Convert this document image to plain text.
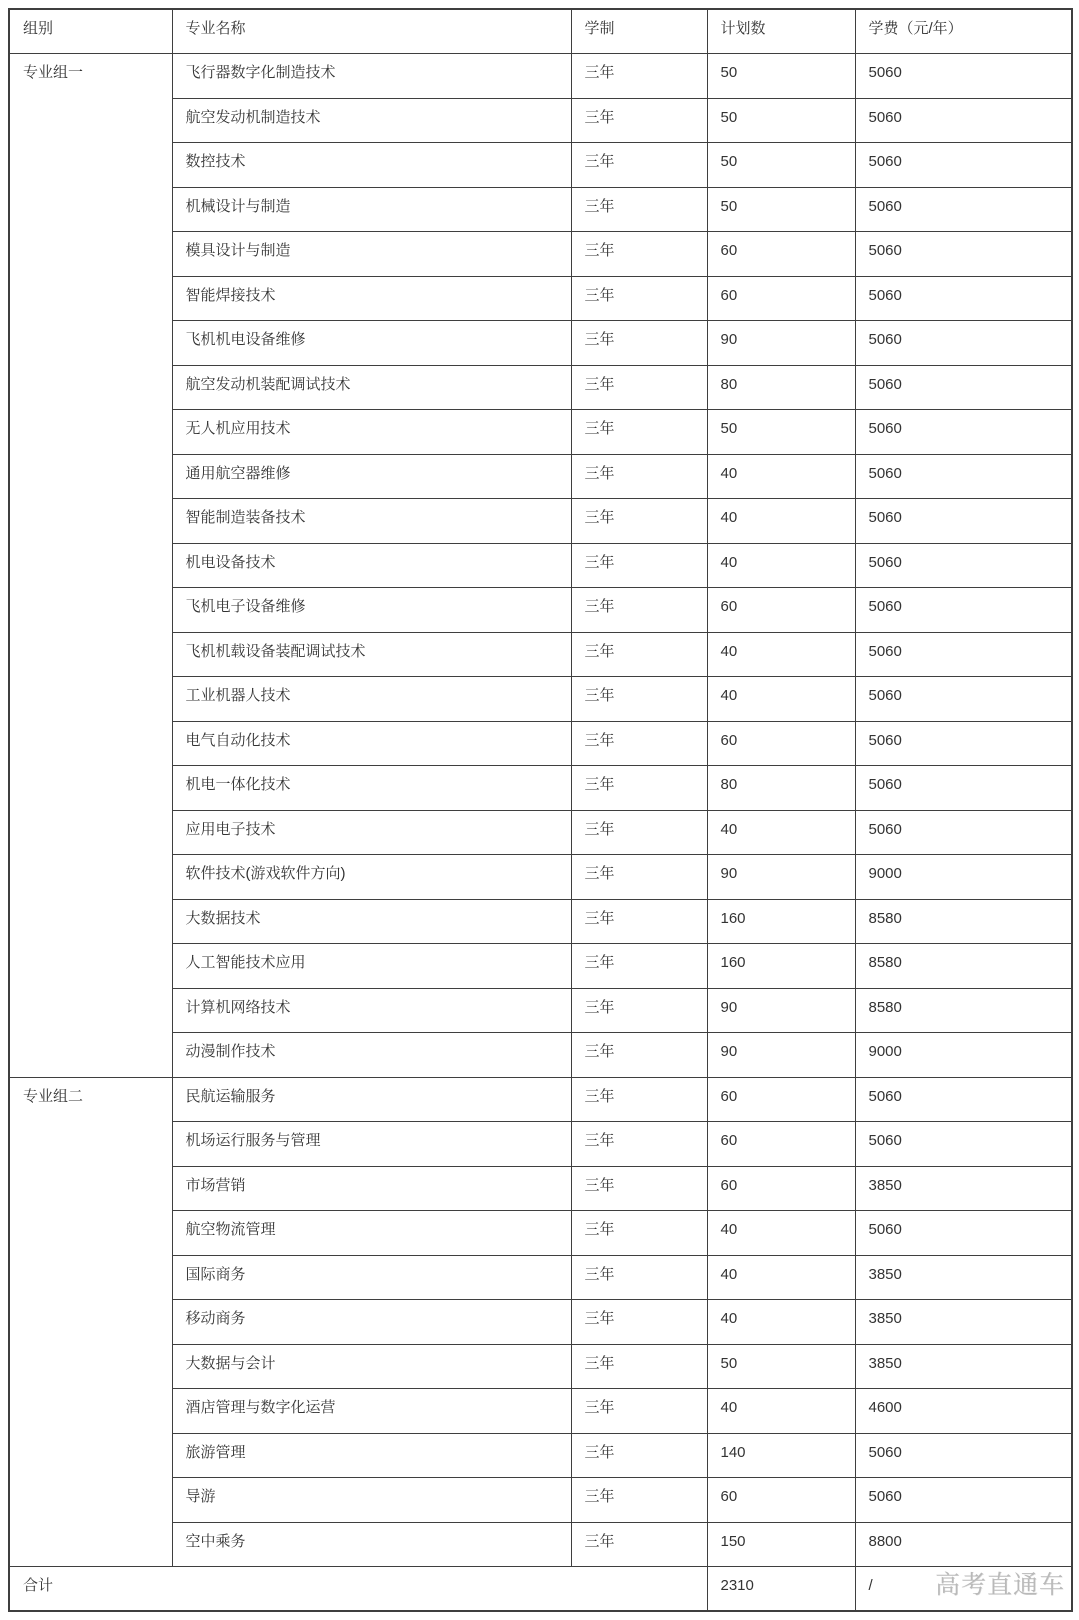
组别	专业名称	学制	计划数	学费（元/年）
专业组一	飞行器数字化制造技术	三年	50	5060
	航空发动机制造技术	三年	50	5060
	数控技术	三年	50	5060
	机械设计与制造	三年	50	5060
	模具设计与制造	三年	60	5060
	智能焊接技术	三年	60	5060
	飞机机电设备维修	三年	90	5060
	航空发动机装配调试技术	三年	80	5060
	无人机应用技术	三年	50	5060
	通用航空器维修	三年	40	5060
	智能制造装备技术	三年	40	5060
	机电设备技术	三年	40	5060
	飞机电子设备维修	三年	60	5060
	飞机机载设备装配调试技术	三年	40	5060
	工业机器人技术	三年	40	5060
	电气自动化技术	三年	60	5060
	机电一体化技术	三年	80	5060
	应用电子技术	三年	40	5060
	软件技术(游戏软件方向)	三年	90	9000
	大数据技术	三年	160	8580
	人工智能技术应用	三年	160	8580
	计算机网络技术	三年	90	8580
	动漫制作技术	三年	90	9000
专业组二	民航运输服务	三年	60	5060
	机场运行服务与管理	三年	60	5060
	市场营销	三年	60	3850
	航空物流管理	三年	40	5060
	国际商务	三年	40	3850
	移动商务	三年	40	3850
	大数据与会计	三年	50	3850
	酒店管理与数字化运营	三年	40	4600
	旅游管理	三年	140	5060
	导游	三年	60	5060
	空中乘务	三年	150	8800
合计			2310	/ 高考直通车
